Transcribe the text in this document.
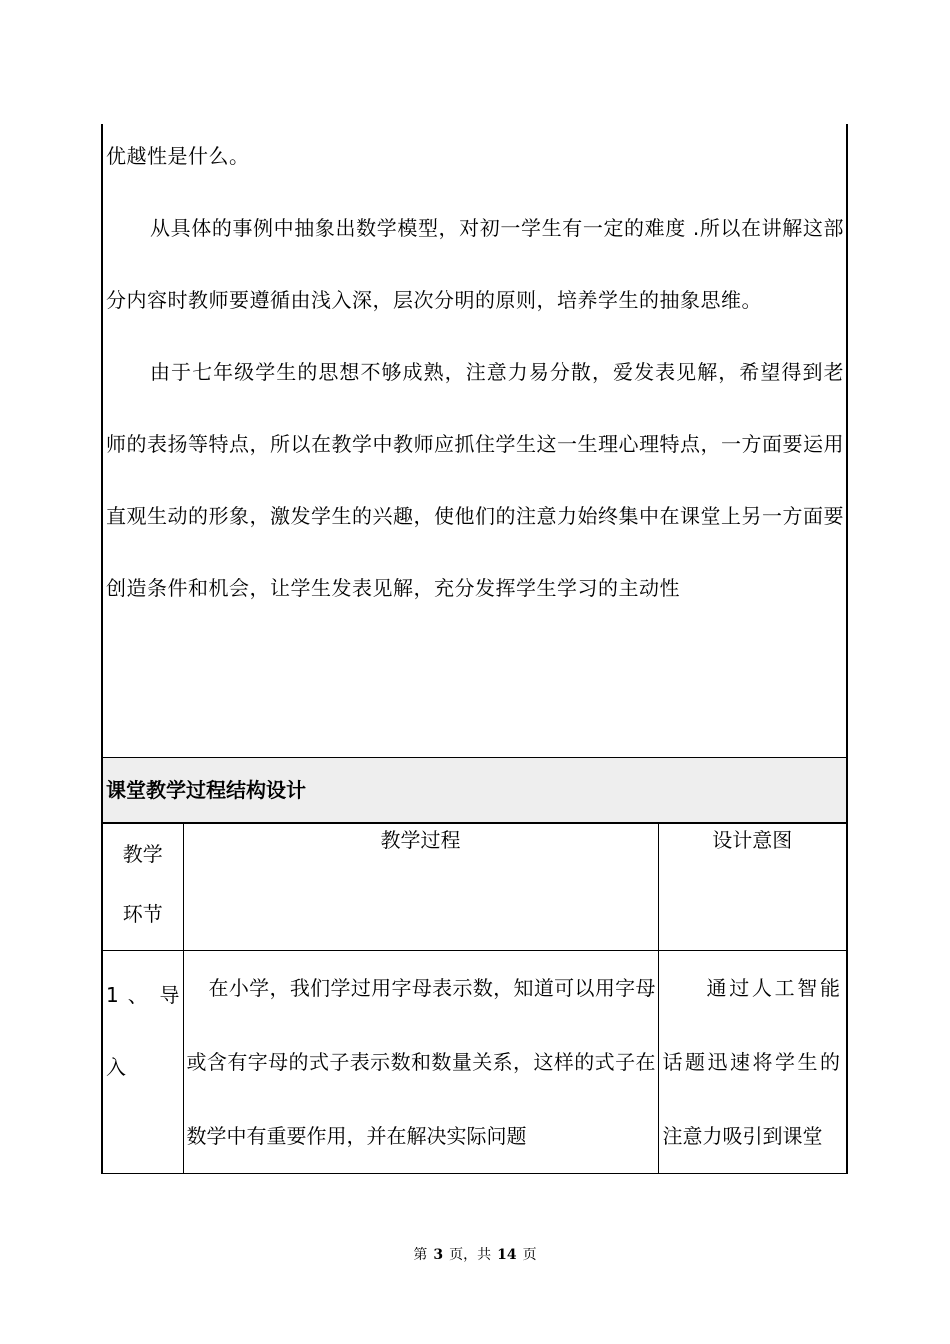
优越性是什么。

从具体的事例中抽象出数学模型，对初一学生有一定的难度 .所以在讲解这部分内容时教师要遵循由浅入深，层次分明的原则，培养学生的抽象思维。

由于七年级学生的思想不够成熟，注意力易分散，爱发表见解，希望得到老师的表扬等特点，所以在教学中教师应抓住学生这一生理心理特点，一方面要运用直观生动的形象，激发学生的兴趣，使他们的注意力始终集中在课堂上另一方面要创造条件和机会，让学生发表见解，充分发挥学生学习的主动性

课堂教学过程结构设计
教学
环节	教学过程	设计意图

1 、 导
入	在小学，我们学过用字母表示数，知道可以用字母或含有字母的式子表示数和数量关系，这样的式子在数学中有重要作用，并在解决实际问题	通过人工智能话题迅速将学生的注意力吸引到课堂
第 3 页，共 14 页
